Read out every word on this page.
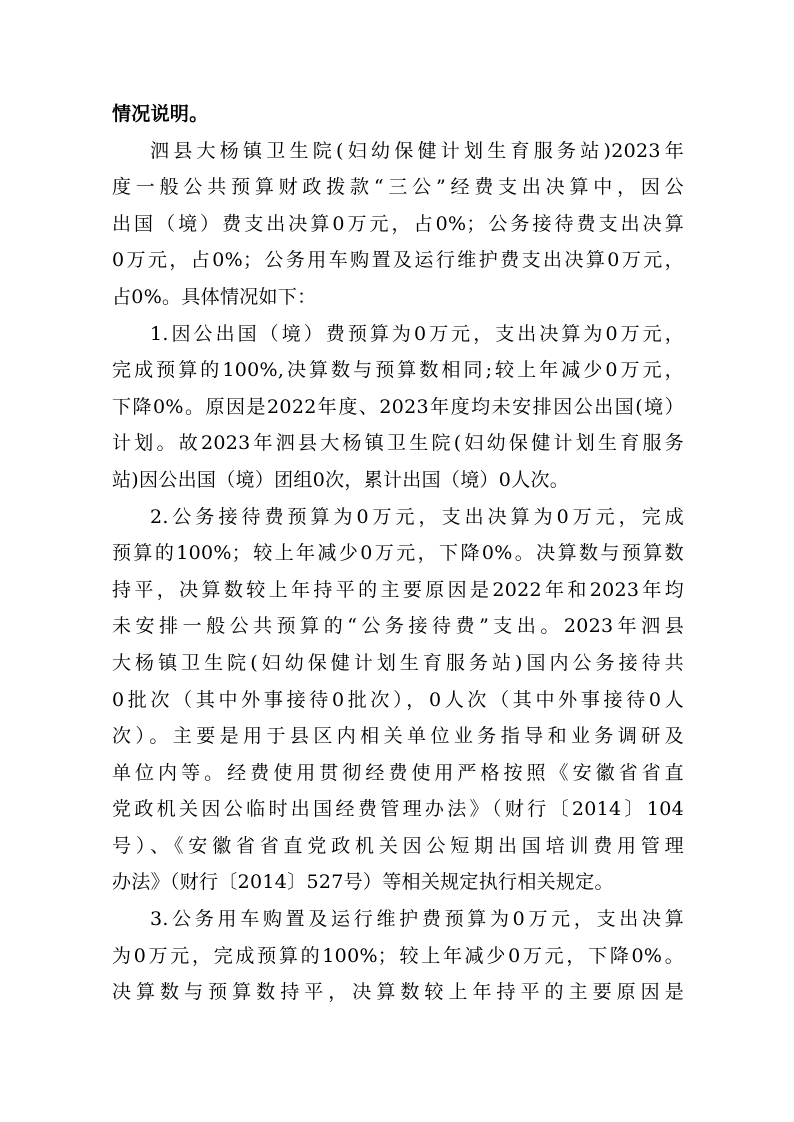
情况说明。
泗县大杨镇卫生院(妇幼保健计划生育服务站)2023年
度一般公共预算财政拨款“三公”经费支出决算中，因公
出国（境）费支出决算0万元，占0%；公务接待费支出决算
0万元，占0%；公务用车购置及运行维护费支出决算0万元，
占0%。具体情况如下：
1.因公出国（境）费预算为0万元，支出决算为0万元，
完成预算的100%,决算数与预算数相同;较上年减少0万元，
下降0%。原因是2022年度、2023年度均未安排因公出国(境）
计划。故2023年泗县大杨镇卫生院(妇幼保健计划生育服务
站)因公出国（境）团组0次，累计出国（境）0人次。
2.公务接待费预算为0万元，支出决算为0万元，完成
预算的100%；较上年减少0万元，下降0%。决算数与预算数
持平，决算数较上年持平的主要原因是2022年和2023年均
未安排一般公共预算的“公务接待费”支出。2023年泗县
大杨镇卫生院(妇幼保健计划生育服务站)国内公务接待共
0批次（其中外事接待0批次），0人次（其中外事接待0人
次）。主要是用于县区内相关单位业务指导和业务调研及
单位内等。经费使用贯彻经费使用严格按照《安徽省省直
党政机关因公临时出国经费管理办法》（财行〔2014〕104
号）、《安徽省省直党政机关因公短期出国培训费用管理
办法》（财行〔2014〕527号）等相关规定执行相关规定。
3.公务用车购置及运行维护费预算为0万元，支出决算
为0万元，完成预算的100%；较上年减少0万元，下降0%。
决算数与预算数持平，决算数较上年持平的主要原因是
